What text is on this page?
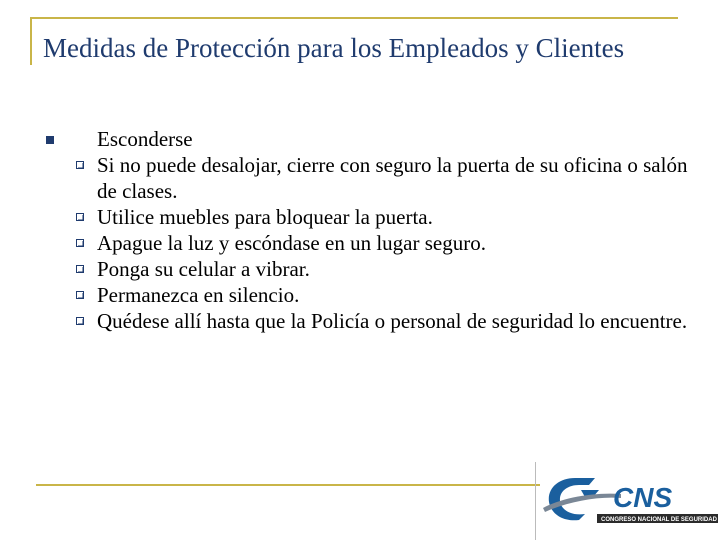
Medidas de Protección para los Empleados y Clientes
Esconderse
Si no puede desalojar, cierre con seguro la puerta de su oficina o salón de clases.
Utilice muebles para bloquear la puerta.
Apague la luz y escóndase en un lugar seguro.
Ponga su celular a vibrar.
Permanezca en silencio.
Quédese allí hasta que la Policía o personal de seguridad lo encuentre.
CNS
CONGRESO NACIONAL DE SEGURIDAD
